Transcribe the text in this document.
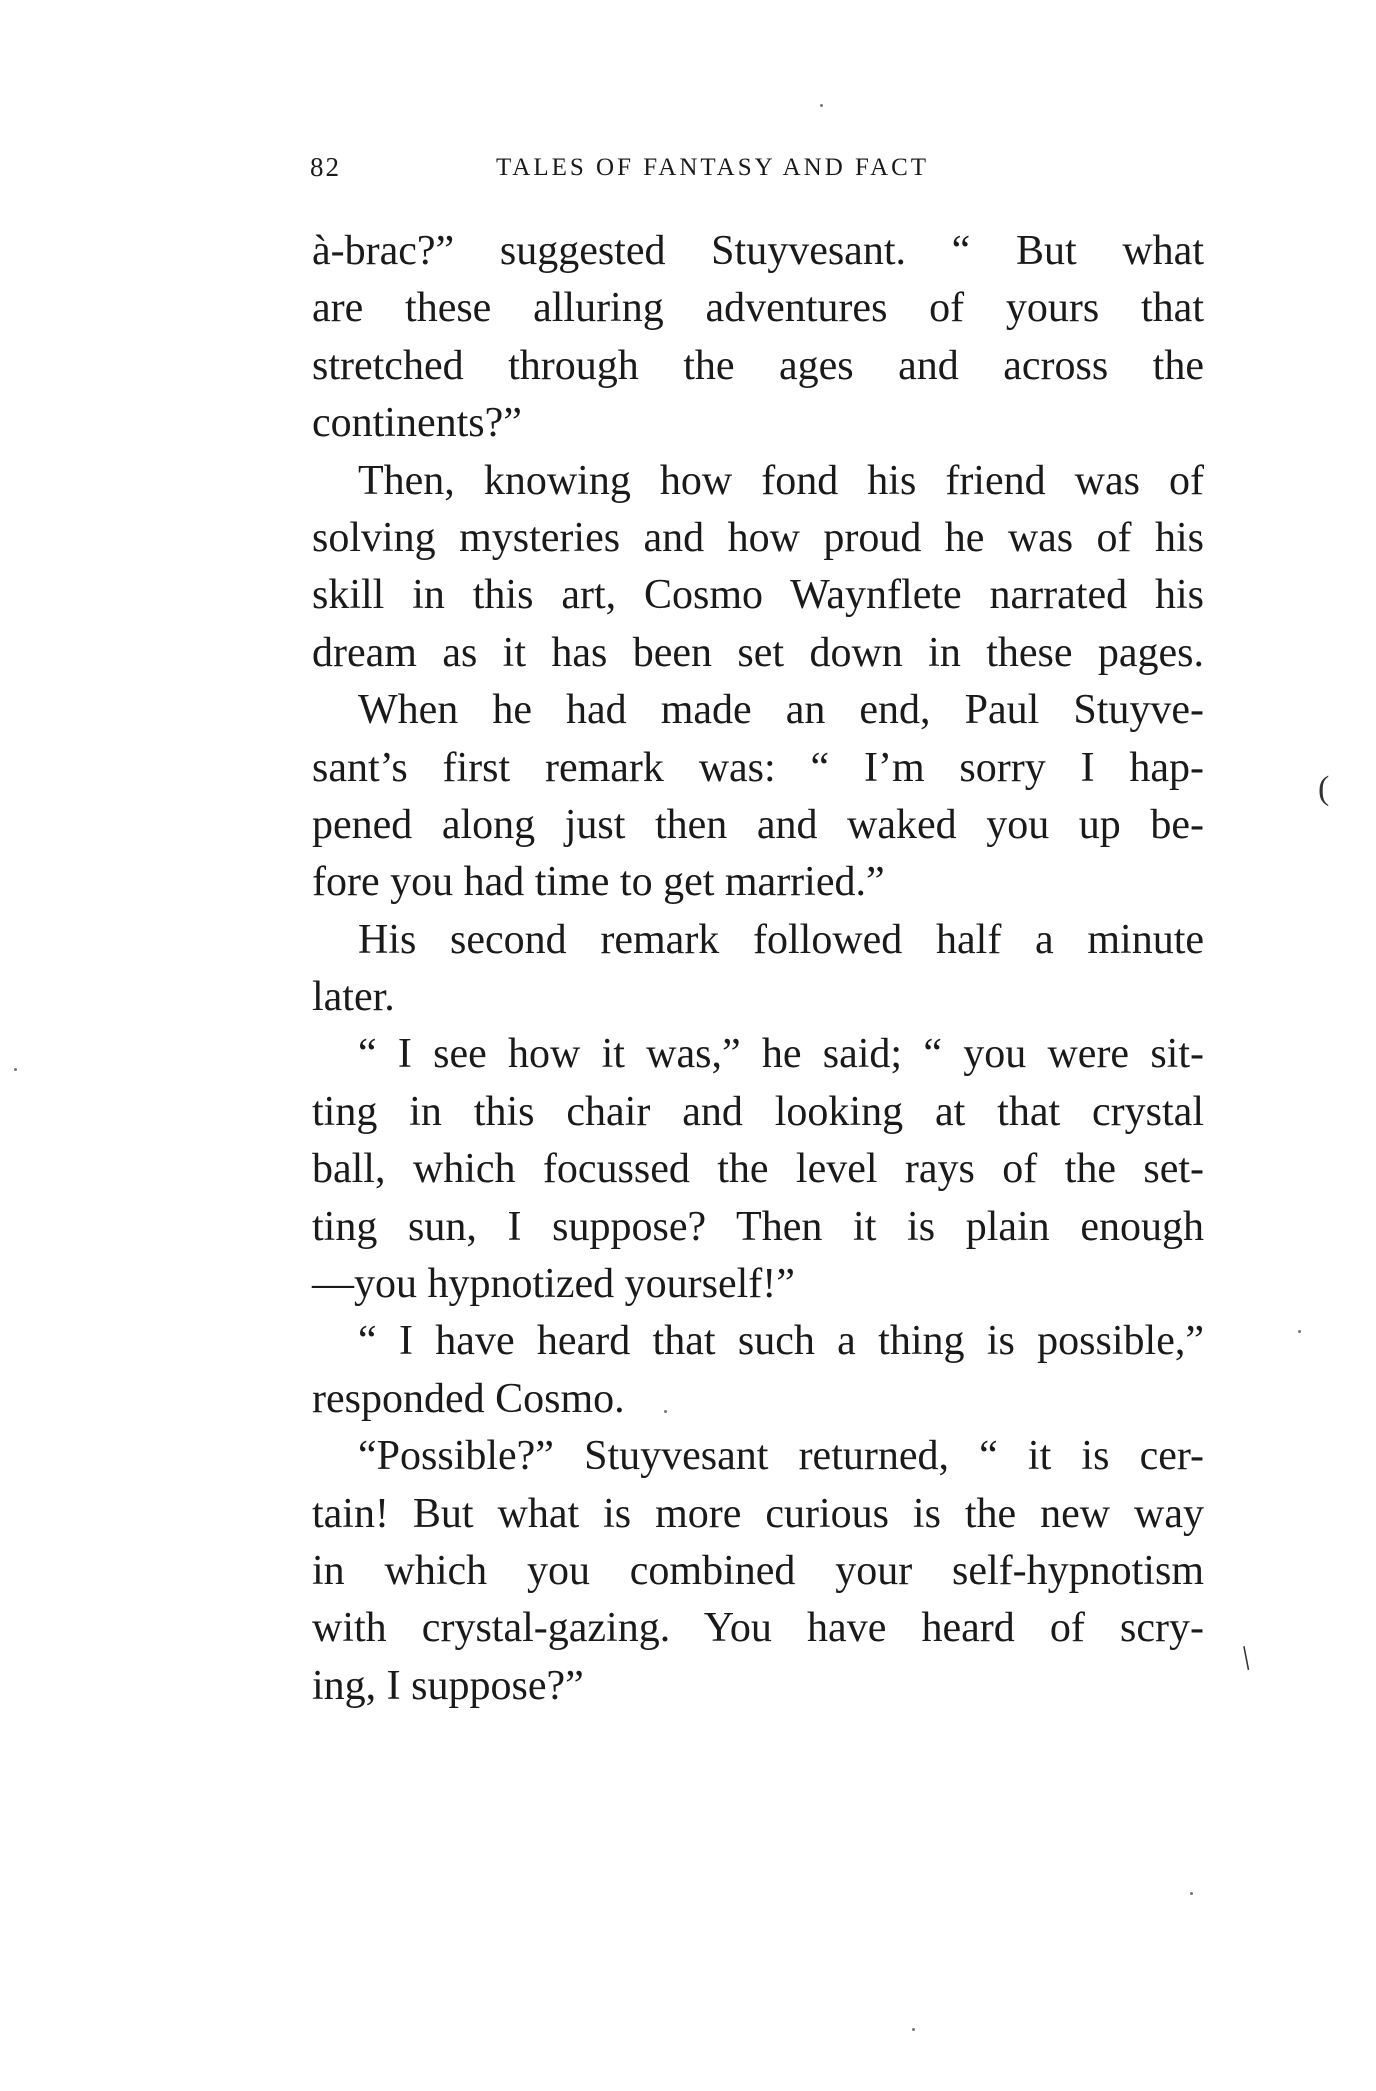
82	TALES OF FANTASY AND FACT
à-brac?” suggested Stuyvesant. “ But what
are these alluring adventures of yours that
stretched through the ages and across the
continents?”
Then, knowing how fond his friend was of
solving mysteries and how proud he was of his
skill in this art, Cosmo Waynflete narrated his
dream as it has been set down in these pages.
When he had made an end, Paul Stuyve-
sant’s first remark was: “ I’m sorry I hap-
pened along just then and waked you up be-
fore you had time to get married.”
His second remark followed half a minute
later.
“ I see how it was,” he said; “ you were sit-
ting in this chair and looking at that crystal
ball, which focussed the level rays of the set-
ting sun, I suppose? Then it is plain enough
—you hypnotized yourself!”
“ I have heard that such a thing is possible,”
responded Cosmo.
“Possible?” Stuyvesant returned, “ it is cer-
tain! But what is more curious is the new way
in which you combined your self-hypnotism
with crystal-gazing. You have heard of scry-
ing, I suppose?”
(
/
